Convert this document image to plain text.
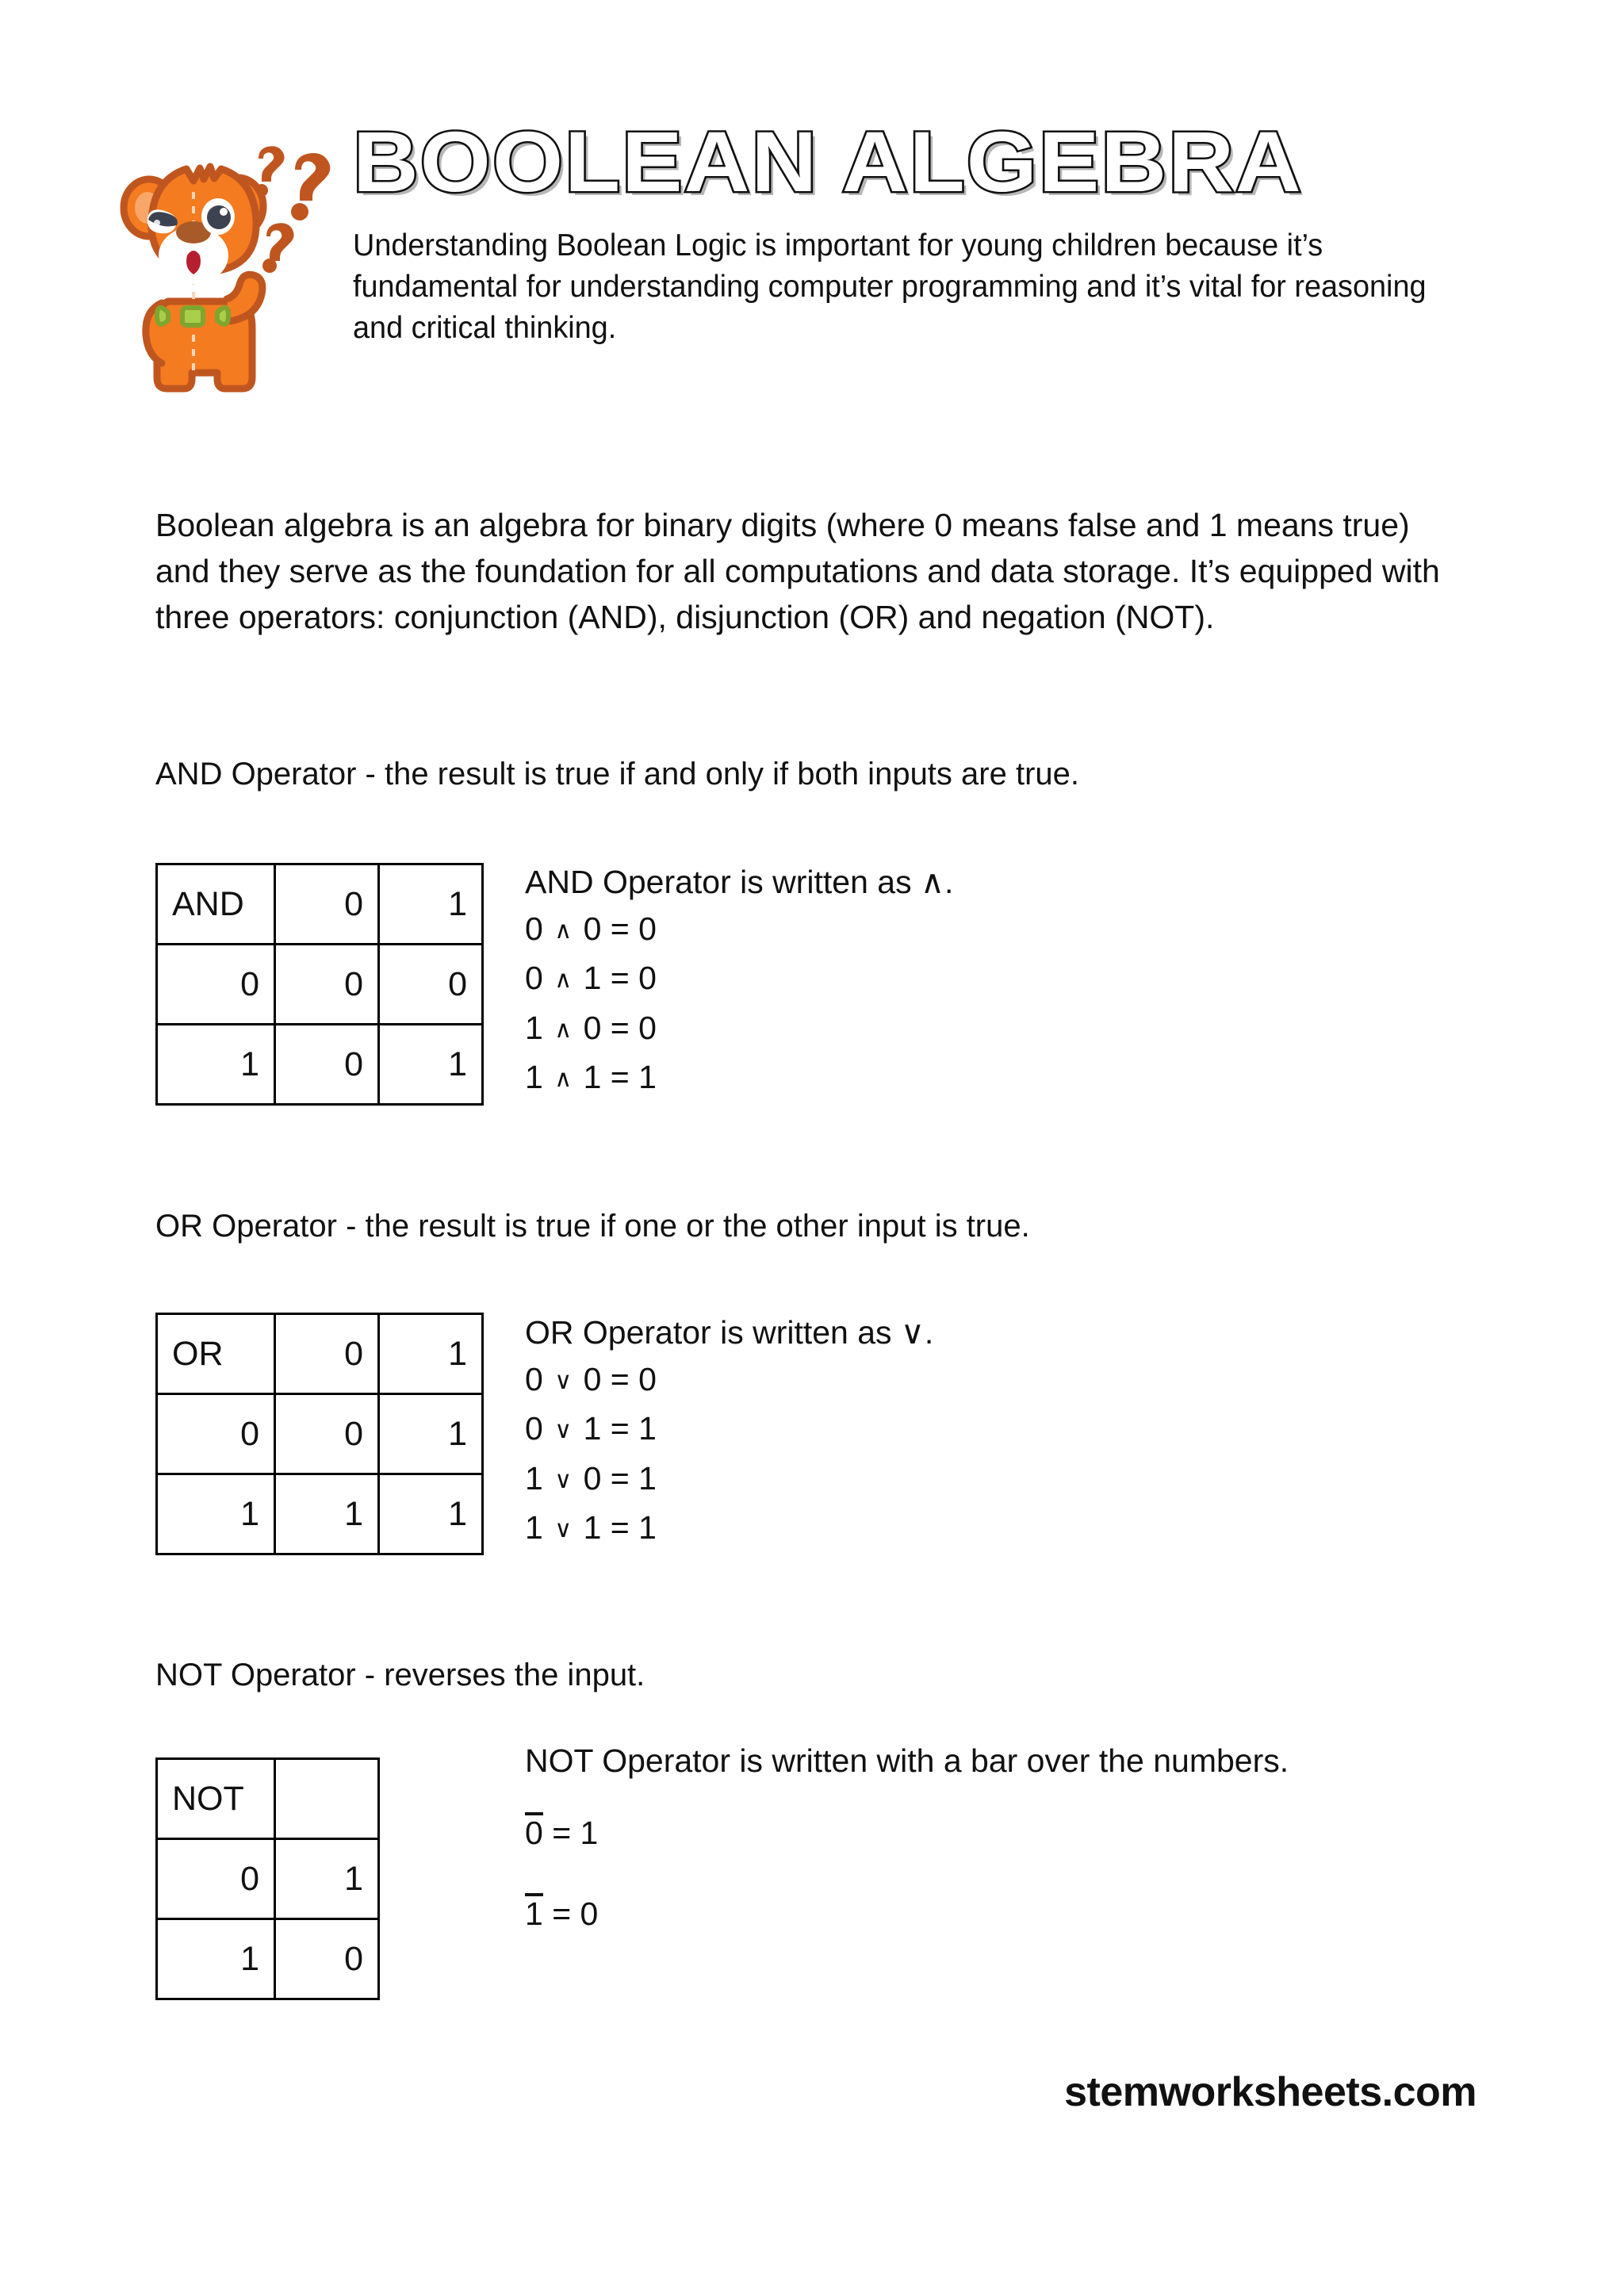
BOOLEAN ALGEBRA

Understanding Boolean Logic is important for young children because it’s fundamental for understanding computer programming and it’s vital for reasoning and critical thinking.

Boolean algebra is an algebra for binary digits (where 0 means false and 1 means true) and they serve as the foundation for all computations and data storage. It’s equipped with three operators: conjunction (AND), disjunction (OR) and negation (NOT).

AND Operator - the result is true if and only if both inputs are true.
AND	0	1
0	0	0
1	0	1

AND Operator is written as ∧.

0 ∧ 0 = 0

0 ∧ 1 = 0

1 ∧ 0 = 0

1 ∧ 1 = 1

OR Operator - the result is true if one or the other input is true.
OR	0	1
0	0	1
1	1	1

OR Operator is written as ∨.

0 ∨ 0 = 0

0 ∨ 1 = 1

1 ∨ 0 = 1

1 ∨ 1 = 1

NOT Operator - reverses the input.
NOT	
0	1
1	0

NOT Operator is written with a bar over the numbers.

0 = 1

1 = 0

stemworksheets.com
